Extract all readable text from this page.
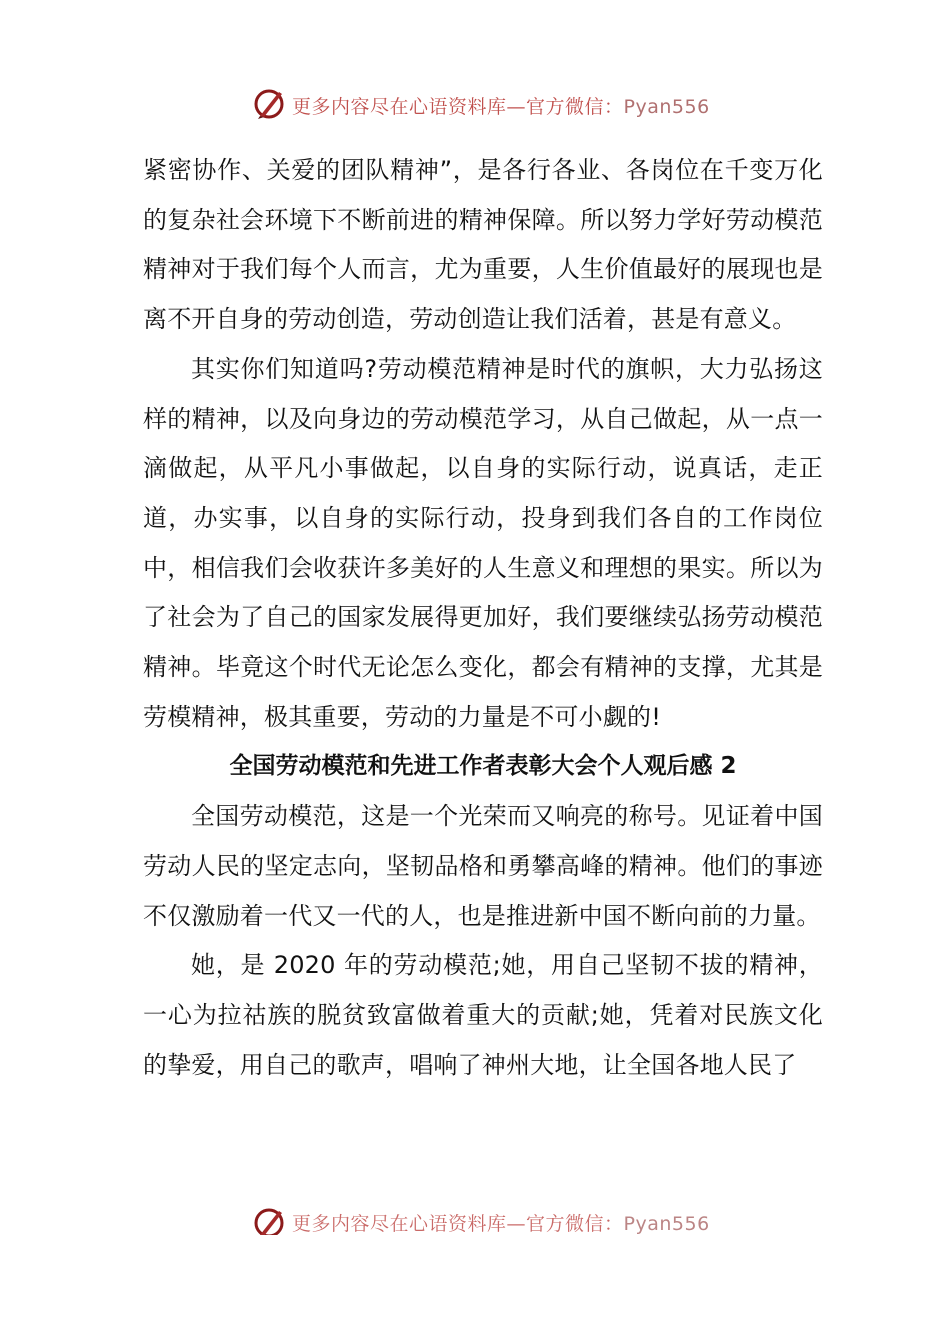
更多内容尽在心语资料库—官方微信：Pyan556

紧密协作、关爱的团队精神”，是各行各业、各岗位在千变万化的复杂社会环境下不断前进的精神保障。所以努力学好劳动模范精神对于我们每个人而言，尤为重要，人生价值最好的展现也是离不开自身的劳动创造，劳动创造让我们活着，甚是有意义。

其实你们知道吗?劳动模范精神是时代的旗帜，大力弘扬这样的精神，以及向身边的劳动模范学习，从自己做起，从一点一滴做起，从平凡小事做起，以自身的实际行动，说真话，走正道，办实事，以自身的实际行动，投身到我们各自的工作岗位中，相信我们会收获许多美好的人生意义和理想的果实。所以为了社会为了自己的国家发展得更加好，我们要继续弘扬劳动模范精神。毕竟这个时代无论怎么变化，都会有精神的支撑，尤其是劳模精神，极其重要，劳动的力量是不可小觑的!

全国劳动模范和先进工作者表彰大会个人观后感 2

全国劳动模范，这是一个光荣而又响亮的称号。见证着中国劳动人民的坚定志向，坚韧品格和勇攀高峰的精神。他们的事迹不仅激励着一代又一代的人，也是推进新中国不断向前的力量。

她，是 2020 年的劳动模范;她，用自己坚韧不拔的精神，一心为拉祜族的脱贫致富做着重大的贡献;她，凭着对民族文化的挚爱，用自己的歌声，唱响了神州大地，让全国各地人民了

更多内容尽在心语资料库—官方微信：Pyan556
